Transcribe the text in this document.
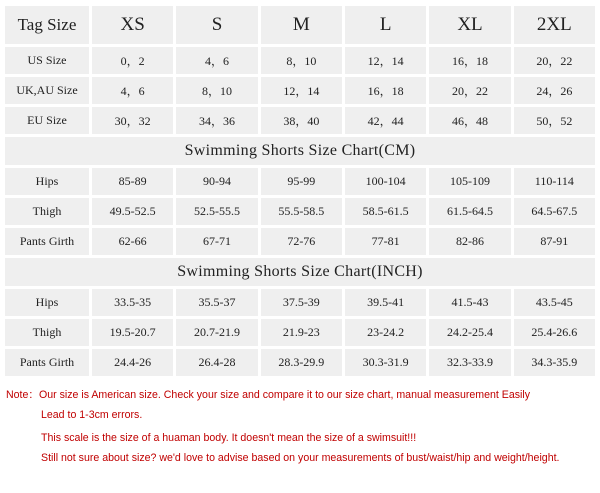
Tag Size	XS	S	M	L	XL	2XL
US Size	0，2	4，6	8，10	12，14	16，18	20，22
UK,AU Size	4，6	8，10	12，14	16，18	20，22	24，26
EU Size	30，32	34，36	38，40	42，44	46，48	50，52
Swimming Shorts Size Chart(CM)						
Hips	85-89	90-94	95-99	100-104	105-109	110-114
Thigh	49.5-52.5	52.5-55.5	55.5-58.5	58.5-61.5	61.5-64.5	64.5-67.5
Pants Girth	62-66	67-71	72-76	77-81	82-86	87-91
Swimming Shorts Size Chart(INCH)						
Hips	33.5-35	35.5-37	37.5-39	39.5-41	41.5-43	43.5-45
Thigh	19.5-20.7	20.7-21.9	21.9-23	23-24.2	24.2-25.4	25.4-26.6
Pants Girth	24.4-26	26.4-28	28.3-29.9	30.3-31.9	32.3-33.9	34.3-35.9
Note：Our size is American size. Check your size and compare it to our size chart, manual measurement Easily
Lead to 1-3cm errors.
This scale is the size of a huaman body. It doesn't mean the size of a swimsuit!!!
Still not sure about size? we'd love to advise based on your measurements of bust/waist/hip and weight/height.
